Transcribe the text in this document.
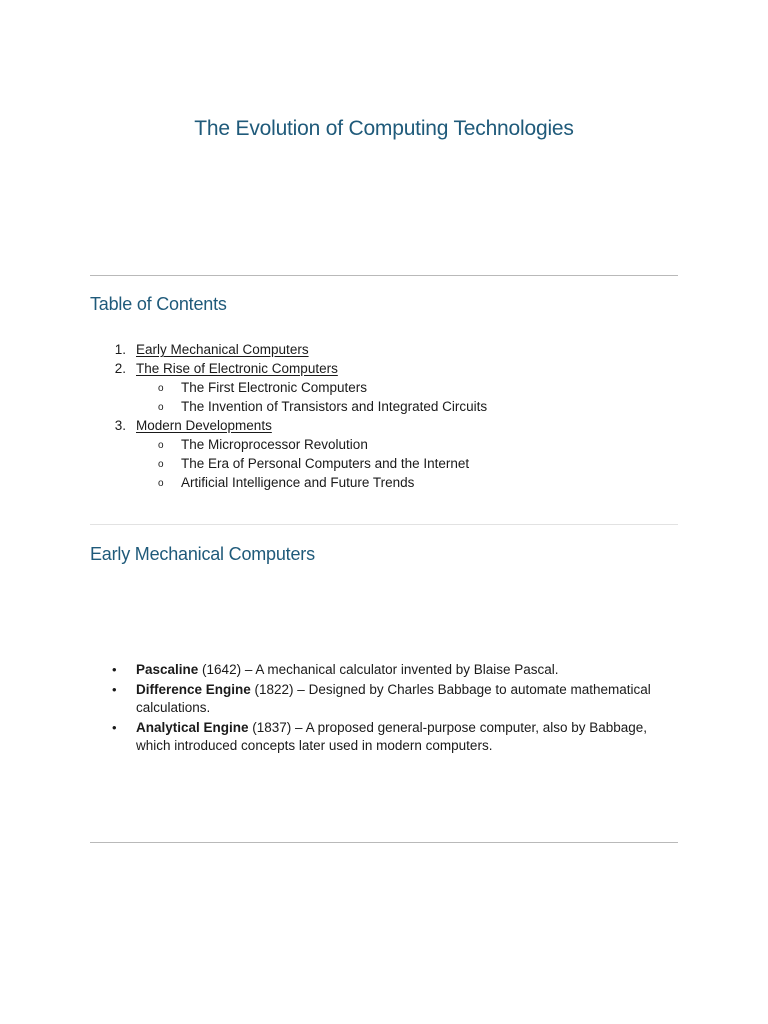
The Evolution of Computing Technologies
Table of Contents
1. Early Mechanical Computers
2. The Rise of Electronic Computers
o The First Electronic Computers
o The Invention of Transistors and Integrated Circuits
3. Modern Developments
o The Microprocessor Revolution
o The Era of Personal Computers and the Internet
o Artificial Intelligence and Future Trends
Early Mechanical Computers
• Pascaline (1642) – A mechanical calculator invented by Blaise Pascal.
• Difference Engine (1822) – Designed by Charles Babbage to automate mathematical calculations.
• Analytical Engine (1837) – A proposed general-purpose computer, also by Babbage, which introduced concepts later used in modern computers.
